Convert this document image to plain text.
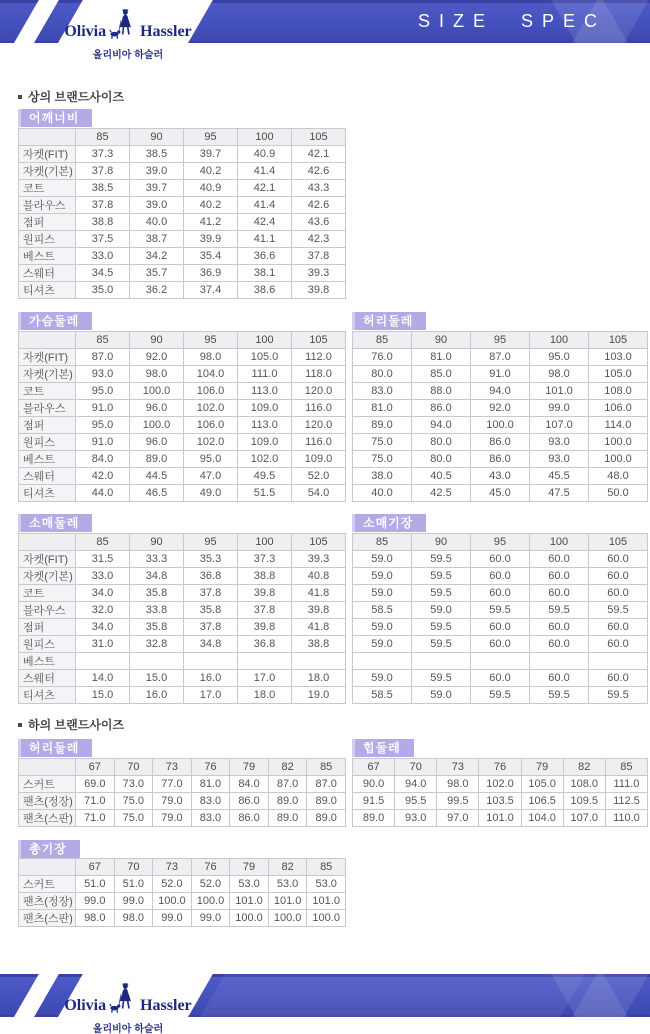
Olivia Hassler
올리비아 하슬러
SIZE SPEC
상의 브랜드사이즈
어깨너비
	85	90	95	100	105
자켓(FIT)	37.3	38.5	39.7	40.9	42.1
자켓(기본)	37.8	39.0	40.2	41.4	42.6
코트	38.5	39.7	40.9	42.1	43.3
블라우스	37.8	39.0	40.2	41.4	42.6
점퍼	38.8	40.0	41.2	42.4	43.6
원피스	37.5	38.7	39.9	41.1	42.3
베스트	33.0	34.2	35.4	36.6	37.8
스웨터	34.5	35.7	36.9	38.1	39.3
티셔츠	35.0	36.2	37.4	38.6	39.8
가슴둘레
	85	90	95	100	105
자켓(FIT)	87.0	92.0	98.0	105.0	112.0
자켓(기본)	93.0	98.0	104.0	111.0	118.0
코트	95.0	100.0	106.0	113.0	120.0
블라우스	91.0	96.0	102.0	109.0	116.0
점퍼	95.0	100.0	106.0	113.0	120.0
원피스	91.0	96.0	102.0	109.0	116.0
베스트	84.0	89.0	95.0	102.0	109.0
스웨터	42.0	44.5	47.0	49.5	52.0
티셔츠	44.0	46.5	49.0	51.5	54.0
허리둘레
85	90	95	100	105
76.0	81.0	87.0	95.0	103.0
80.0	85.0	91.0	98.0	105.0
83.0	88.0	94.0	101.0	108.0
81.0	86.0	92.0	99.0	106.0
89.0	94.0	100.0	107.0	114.0
75.0	80.0	86.0	93.0	100.0
75.0	80.0	86.0	93.0	100.0
38.0	40.5	43.0	45.5	48.0
40.0	42.5	45.0	47.5	50.0
소매둘레
	85	90	95	100	105
자켓(FIT)	31.5	33.3	35.3	37.3	39.3
자켓(기본)	33.0	34.8	36.8	38.8	40.8
코트	34.0	35.8	37.8	39.8	41.8
블라우스	32.0	33.8	35.8	37.8	39.8
점퍼	34.0	35.8	37.8	39.8	41.8
원피스	31.0	32.8	34.8	36.8	38.8
베스트					
스웨터	14.0	15.0	16.0	17.0	18.0
티셔츠	15.0	16.0	17.0	18.0	19.0
소매기장
85	90	95	100	105
59.0	59.5	60.0	60.0	60.0
59.0	59.5	60.0	60.0	60.0
59.0	59.5	60.0	60.0	60.0
58.5	59.0	59.5	59.5	59.5
59.0	59.5	60.0	60.0	60.0
59.0	59.5	60.0	60.0	60.0

59.0	59.5	60.0	60.0	60.0
58.5	59.0	59.5	59.5	59.5
하의 브랜드사이즈
허리둘레
	67	70	73	76	79	82	85
스커트	69.0	73.0	77.0	81.0	84.0	87.0	87.0
팬츠(정장)	71.0	75.0	79.0	83.0	86.0	89.0	89.0
팬츠(스판)	71.0	75.0	79.0	83.0	86.0	89.0	89.0
힙둘레
67	70	73	76	79	82	85
90.0	94.0	98.0	102.0	105.0	108.0	111.0
91.5	95.5	99.5	103.5	106.5	109.5	112.5
89.0	93.0	97.0	101.0	104.0	107.0	110.0
총기장
	67	70	73	76	79	82	85
스커트	51.0	51.0	52.0	52.0	53.0	53.0	53.0
팬츠(정장)	99.0	99.0	100.0	100.0	101.0	101.0	101.0
팬츠(스판)	98.0	98.0	99.0	99.0	100.0	100.0	100.0
Olivia Hassler
올리비아 하슬러
